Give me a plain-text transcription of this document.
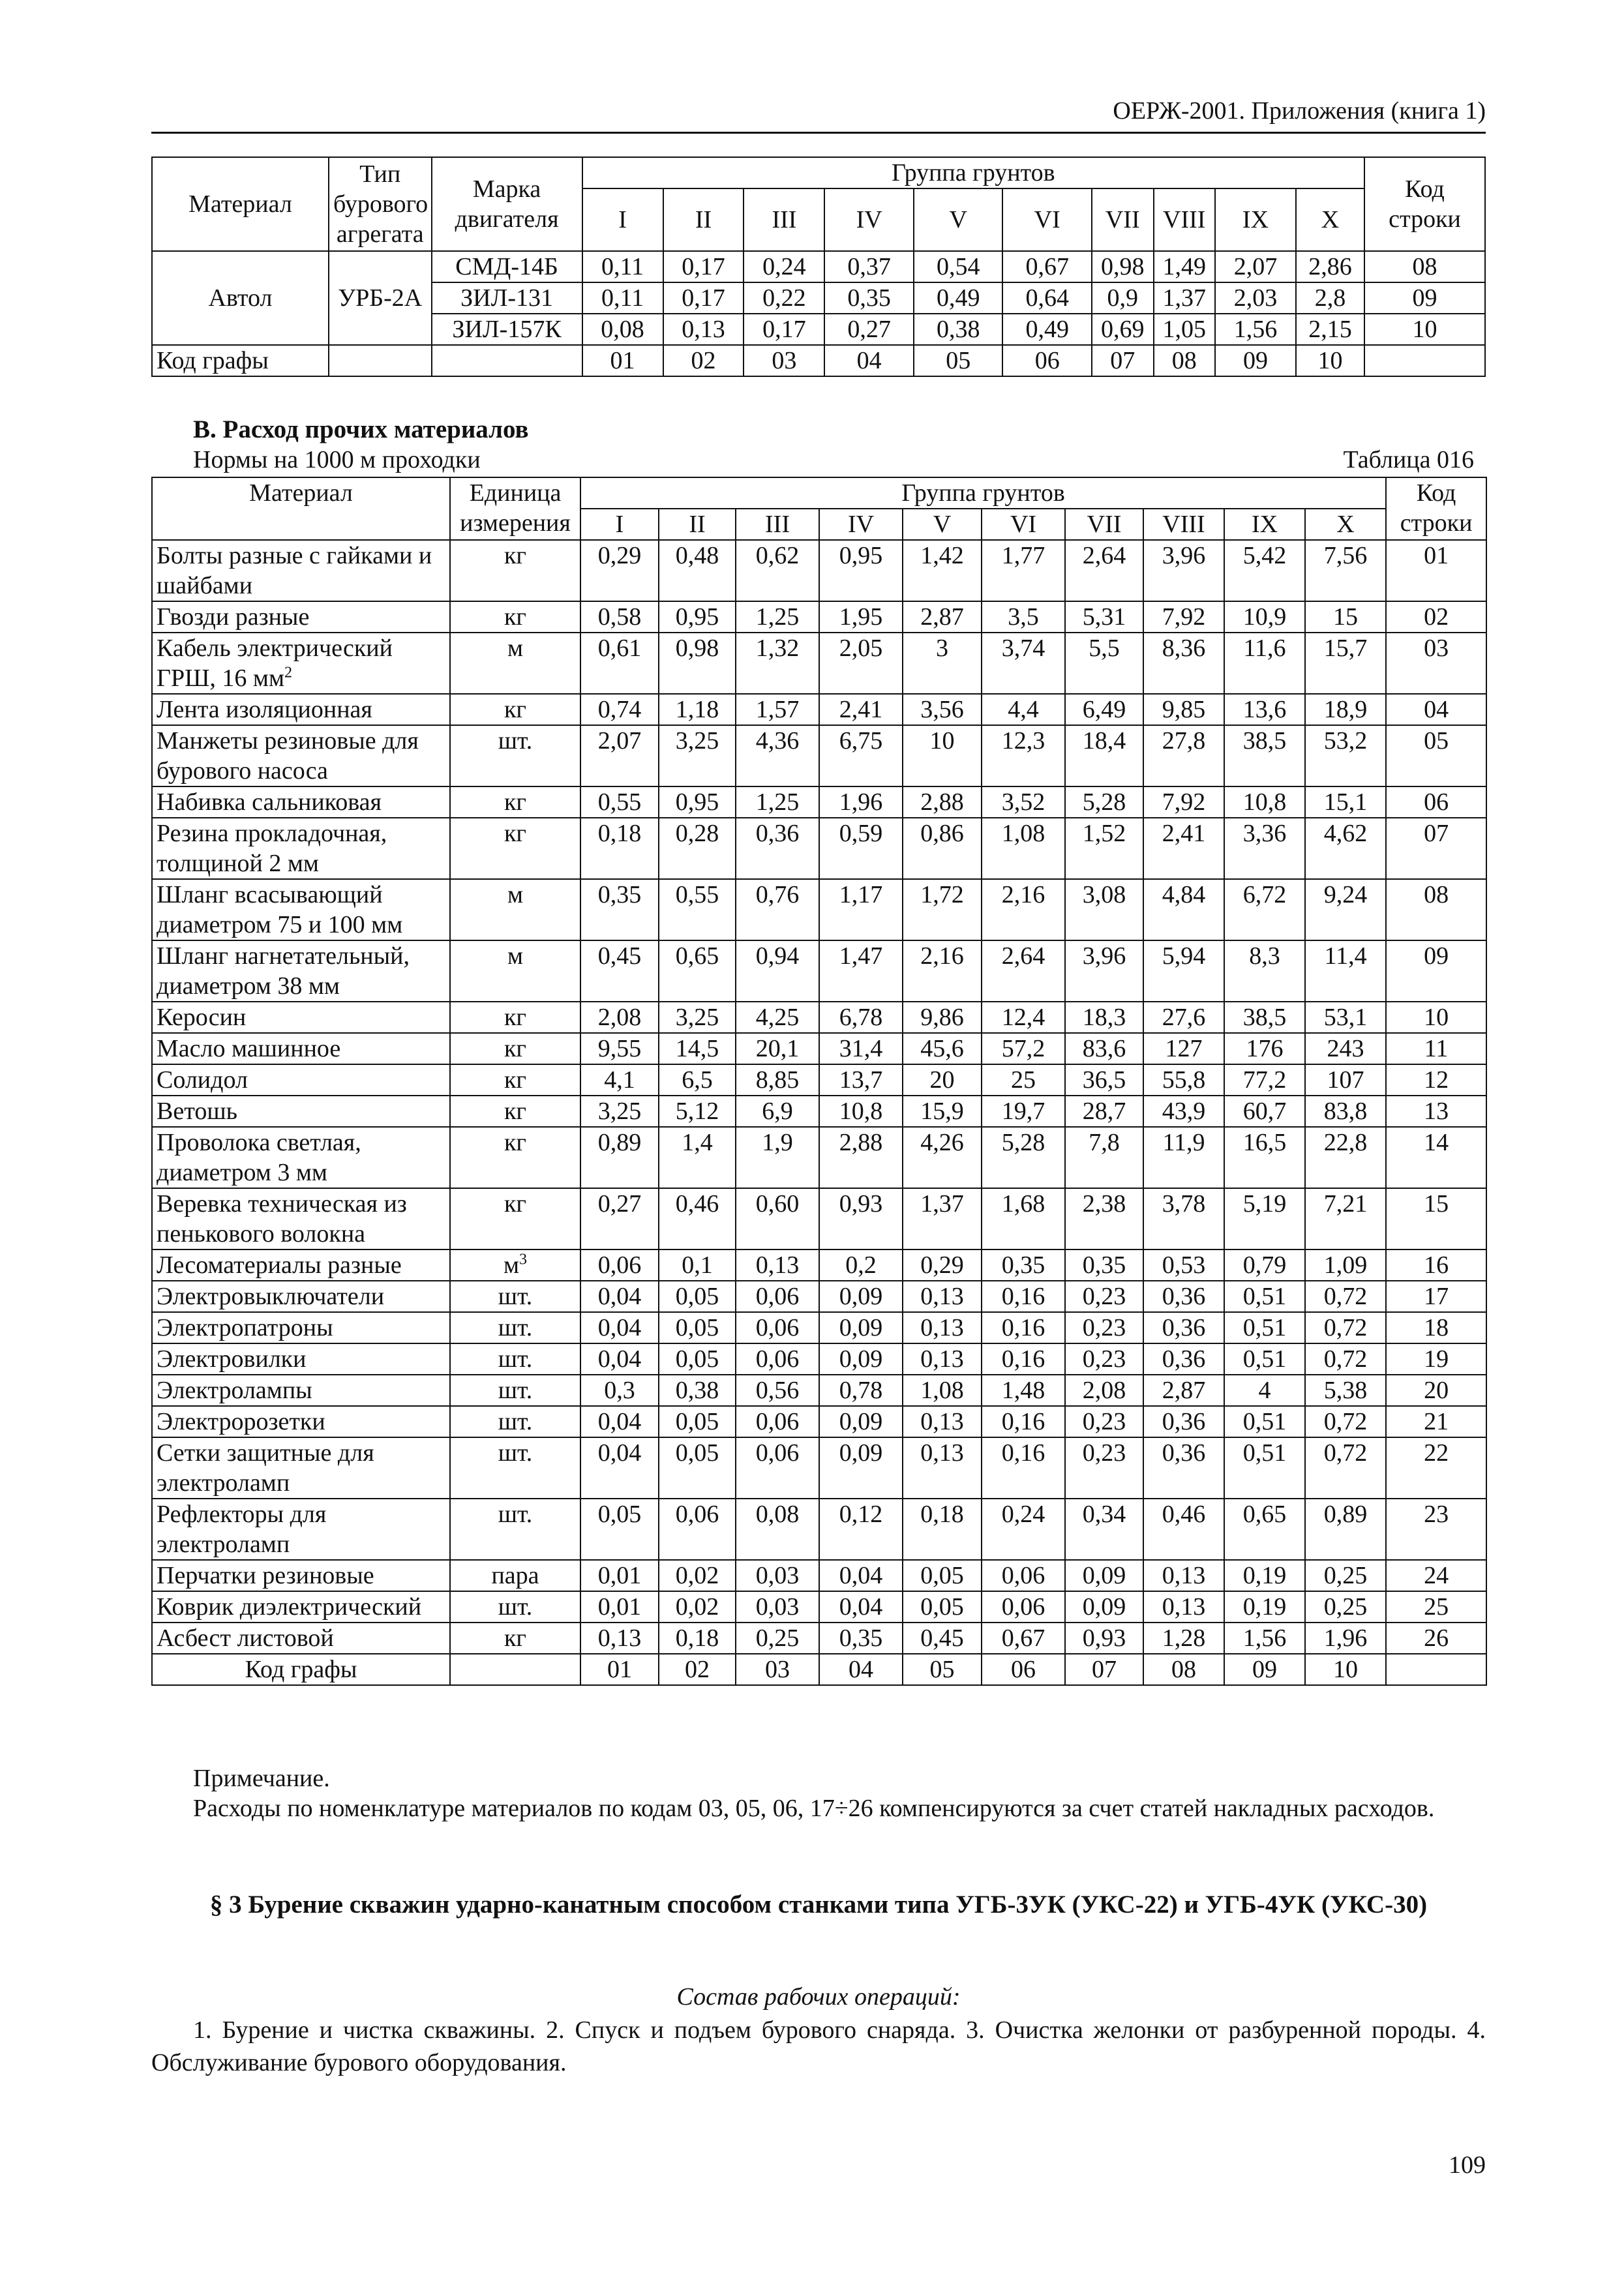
ОЕРЖ-2001. Приложения (книга 1)
Материал	Тип бурового агрегата	Марка двигателя	Группа грунтов										Код строки
			I	II	III	IV	V	VI	VII	VIII	IX	X	
Автол	УРБ-2А	СМД-14Б	0,11	0,17	0,24	0,37	0,54	0,67	0,98	1,49	2,07	2,86	08
		ЗИЛ-131	0,11	0,17	0,22	0,35	0,49	0,64	0,9	1,37	2,03	2,8	09
		ЗИЛ-157К	0,08	0,13	0,17	0,27	0,38	0,49	0,69	1,05	1,56	2,15	10
Код графы			01	02	03	04	05	06	07	08	09	10	
В. Расход прочих материалов
Нормы на 1000 м проходки	Таблица 016
Материал	Единица измерения	Группа грунтов										Код строки
		I	II	III	IV	V	VI	VII	VIII	IX	X	
Болты разные с гайками и шайбами	кг	0,29	0,48	0,62	0,95	1,42	1,77	2,64	3,96	5,42	7,56	01
Гвозди разные	кг	0,58	0,95	1,25	1,95	2,87	3,5	5,31	7,92	10,9	15	02
Кабель электрический ГРШ, 16 $мм^2$	м	0,61	0,98	1,32	2,05	3	3,74	5,5	8,36	11,6	15,7	03
Лента изоляционная	кг	0,74	1,18	1,57	2,41	3,56	4,4	6,49	9,85	13,6	18,9	04
Манжеты резиновые для бурового насоса	шт.	2,07	3,25	4,36	6,75	10	12,3	18,4	27,8	38,5	53,2	05
Набивка сальниковая	кг	0,55	0,95	1,25	1,96	2,88	3,52	5,28	7,92	10,8	15,1	06
Резина прокладочная, толщиной 2 мм	кг	0,18	0,28	0,36	0,59	0,86	1,08	1,52	2,41	3,36	4,62	07
Шланг всасывающий диаметром 75 и 100 мм	м	0,35	0,55	0,76	1,17	1,72	2,16	3,08	4,84	6,72	9,24	08
Шланг нагнетательный, диаметром 38 мм	м	0,45	0,65	0,94	1,47	2,16	2,64	3,96	5,94	8,3	11,4	09
Керосин	кг	2,08	3,25	4,25	6,78	9,86	12,4	18,3	27,6	38,5	53,1	10
Масло машинное	кг	9,55	14,5	20,1	31,4	45,6	57,2	83,6	127	176	243	11
Солидол	кг	4,1	6,5	8,85	13,7	20	25	36,5	55,8	77,2	107	12
Ветошь	кг	3,25	5,12	6,9	10,8	15,9	19,7	28,7	43,9	60,7	83,8	13
Проволока светлая, диаметром 3 мм	кг	0,89	1,4	1,9	2,88	4,26	5,28	7,8	11,9	16,5	22,8	14
Веревка техническая из пенькового волокна	кг	0,27	0,46	0,60	0,93	1,37	1,68	2,38	3,78	5,19	7,21	15
Лесоматериалы разные	$м^3$	0,06	0,1	0,13	0,2	0,29	0,35	0,35	0,53	0,79	1,09	16
Электровыключатели	шт.	0,04	0,05	0,06	0,09	0,13	0,16	0,23	0,36	0,51	0,72	17
Электропатроны	шт.	0,04	0,05	0,06	0,09	0,13	0,16	0,23	0,36	0,51	0,72	18
Электровилки	шт.	0,04	0,05	0,06	0,09	0,13	0,16	0,23	0,36	0,51	0,72	19
Электролампы	шт.	0,3	0,38	0,56	0,78	1,08	1,48	2,08	2,87	4	5,38	20
Электророзетки	шт.	0,04	0,05	0,06	0,09	0,13	0,16	0,23	0,36	0,51	0,72	21
Сетки защитные для электроламп	шт.	0,04	0,05	0,06	0,09	0,13	0,16	0,23	0,36	0,51	0,72	22
Рефлекторы для электроламп	шт.	0,05	0,06	0,08	0,12	0,18	0,24	0,34	0,46	0,65	0,89	23
Перчатки резиновые	пара	0,01	0,02	0,03	0,04	0,05	0,06	0,09	0,13	0,19	0,25	24
Коврик диэлектрический	шт.	0,01	0,02	0,03	0,04	0,05	0,06	0,09	0,13	0,19	0,25	25
Асбест листовой	кг	0,13	0,18	0,25	0,35	0,45	0,67	0,93	1,28	1,56	1,96	26
Код графы		01	02	03	04	05	06	07	08	09	10	
Примечание.
Расходы по номенклатуре материалов по кодам 03, 05, 06, 17÷26 компенсируются за счет статей накладных расходов.
§ 3 Бурение скважин ударно-канатным способом станками типа УГБ-3УК (УКС-22) и УГБ-4УК (УКС-30)
Состав рабочих операций:
1. Бурение и чистка скважины. 2. Спуск и подъем бурового снаряда. 3. Очистка желонки от разбуренной породы. 4. Обслуживание бурового оборудования.
109
